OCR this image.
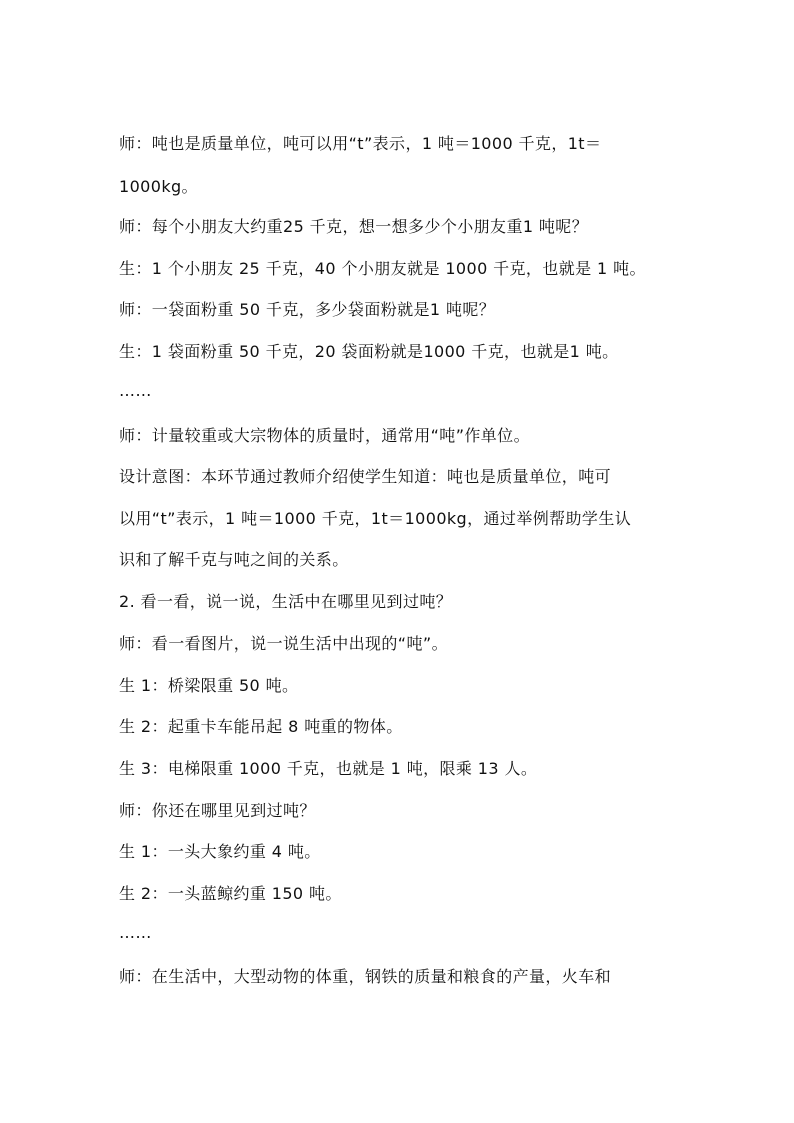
师：吨也是质量单位，吨可以用“t”表示，1 吨＝1000 千克，1t＝
1000kg。
师：每个小朋友大约重25 千克，想一想多少个小朋友重1 吨呢？
生：1 个小朋友 25 千克，40 个小朋友就是 1000 千克，也就是 1 吨。
师：一袋面粉重 50 千克，多少袋面粉就是1 吨呢？
生：1 袋面粉重 50 千克，20 袋面粉就是1000 千克，也就是1 吨。
……
师：计量较重或大宗物体的质量时，通常用“吨”作单位。
设计意图：本环节通过教师介绍使学生知道：吨也是质量单位，吨可
以用“t”表示，1 吨＝1000 千克，1t＝1000kg，通过举例帮助学生认
识和了解千克与吨之间的关系。
2. 看一看，说一说，生活中在哪里见到过吨？
师：看一看图片，说一说生活中出现的“吨”。
生 1：桥梁限重 50 吨。
生 2：起重卡车能吊起 8 吨重的物体。
生 3：电梯限重 1000 千克，也就是 1 吨，限乘 13 人。
师：你还在哪里见到过吨？
生 1：一头大象约重 4 吨。
生 2：一头蓝鲸约重 150 吨。
……
师：在生活中，大型动物的体重，钢铁的质量和粮食的产量，火车和
